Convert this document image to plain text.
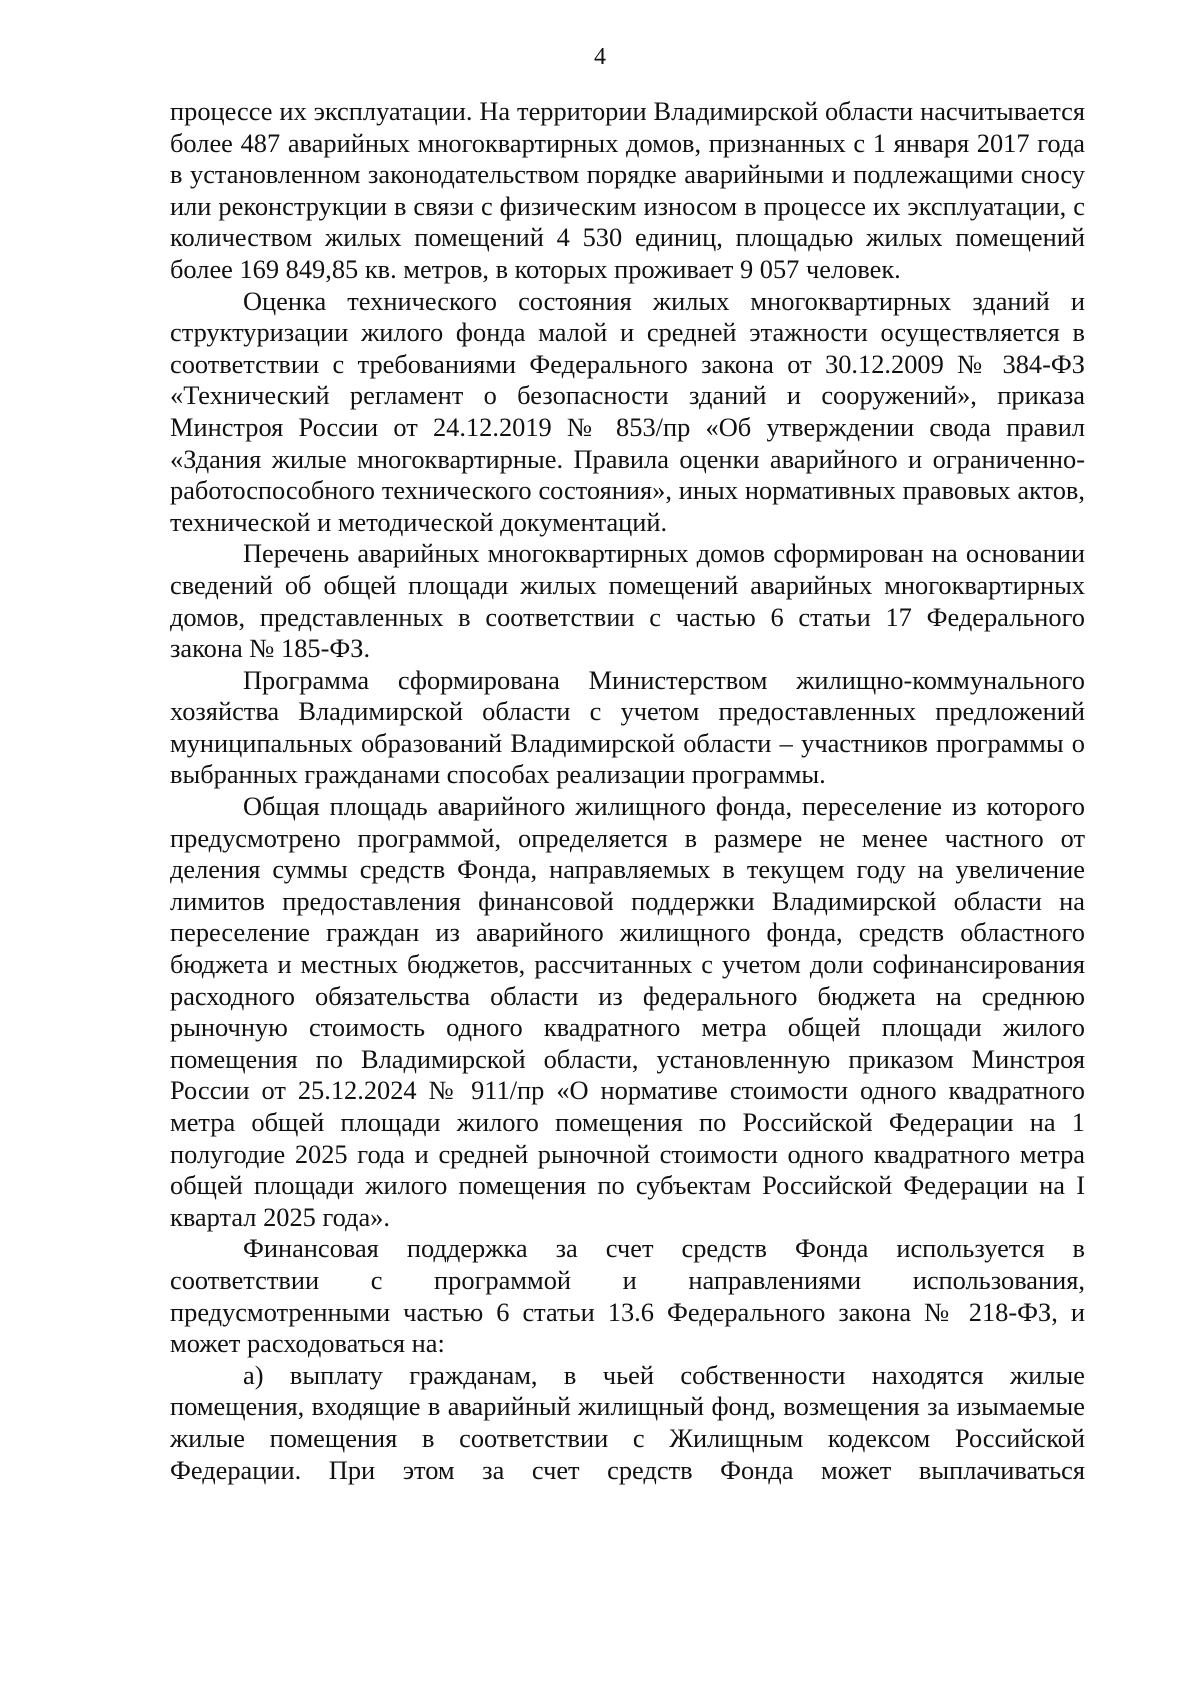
4

процессе их эксплуатации. На территории Владимирской области насчитывается более 487 аварийных многоквартирных домов, признанных с 1 января 2017 года в установленном законодательством порядке аварийными и подлежащими сносу или реконструкции в связи с физическим износом в процессе их эксплуатации, с количеством жилых помещений 4 530 единиц, площадью жилых помещений более 169 849,85 кв. метров, в которых проживает 9 057 человек.

Оценка технического состояния жилых многоквартирных зданий и структуризации жилого фонда малой и средней этажности осуществляется в соответствии с требованиями Федерального закона от 30.12.2009 № 384-ФЗ «Технический регламент о безопасности зданий и сооружений», приказа Минстроя России от 24.12.2019 № 853/пр «Об утверждении свода правил «Здания жилые многоквартирные. Правила оценки аварийного и ограниченно-работоспособного технического состояния», иных нормативных правовых актов, технической и методической документаций.

Перечень аварийных многоквартирных домов сформирован на основании сведений об общей площади жилых помещений аварийных многоквартирных домов, представленных в соответствии с частью 6 статьи 17 Федерального закона № 185-ФЗ.

Программа сформирована Министерством жилищно-коммунального хозяйства Владимирской области с учетом предоставленных предложений муниципальных образований Владимирской области – участников программы о выбранных гражданами способах реализации программы.

Общая площадь аварийного жилищного фонда, переселение из которого предусмотрено программой, определяется в размере не менее частного от деления суммы средств Фонда, направляемых в текущем году на увеличение лимитов предоставления финансовой поддержки Владимирской области на переселение граждан из аварийного жилищного фонда, средств областного бюджета и местных бюджетов, рассчитанных с учетом доли софинансирования расходного обязательства области из федерального бюджета на среднюю рыночную стоимость одного квадратного метра общей площади жилого помещения по Владимирской области, установленную приказом Минстроя России от 25.12.2024 № 911/пр «О нормативе стоимости одного квадратного метра общей площади жилого помещения по Российской Федерации на 1 полугодие 2025 года и средней рыночной стоимости одного квадратного метра общей площади жилого помещения по субъектам Российской Федерации на I квартал 2025 года».

Финансовая поддержка за счет средств Фонда используется в соответствии с программой и направлениями использования, предусмотренными частью 6 статьи 13.6 Федерального закона № 218-ФЗ, и может расходоваться на:

а) выплату гражданам, в чьей собственности находятся жилые помещения, входящие в аварийный жилищный фонд, возмещения за изымаемые жилые помещения в соответствии с Жилищным кодексом Российской Федерации. При этом за счет средств Фонда может выплачиваться
